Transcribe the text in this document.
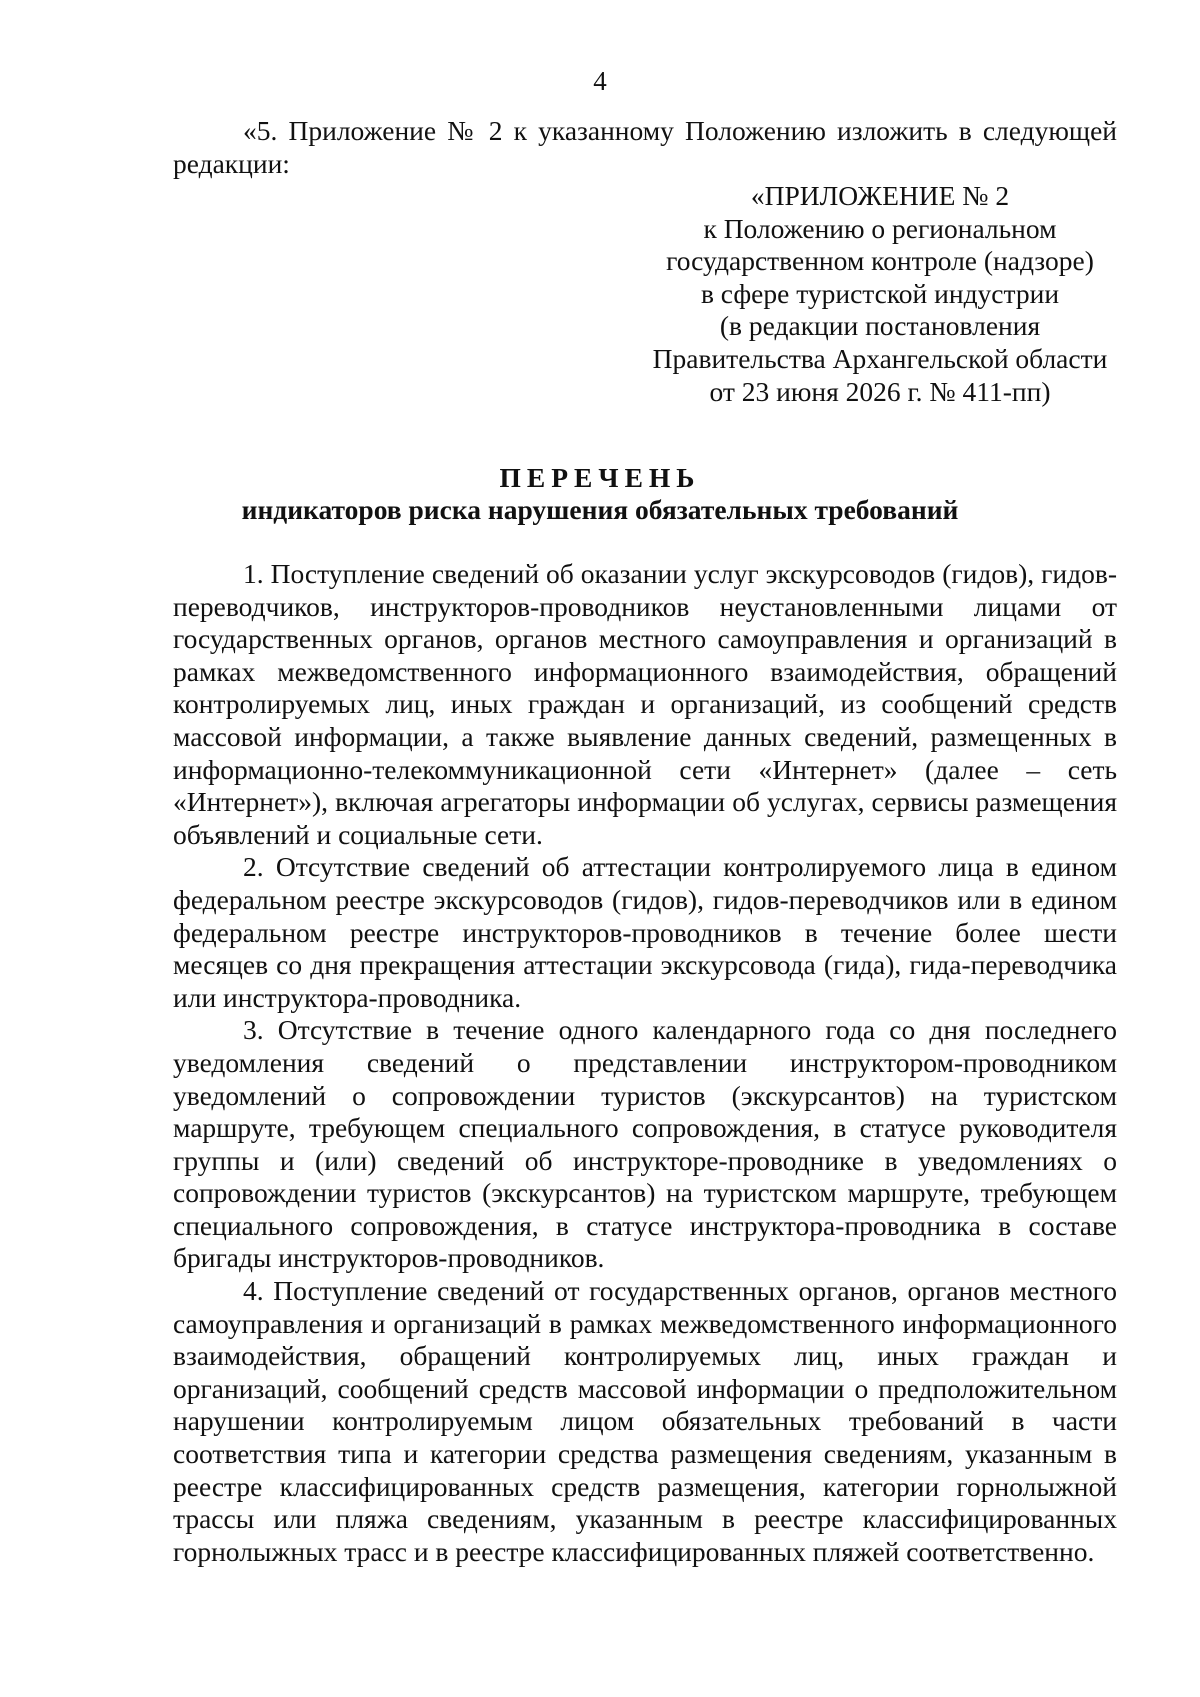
4

«5. Приложение № 2 к указанному Положению изложить в следующей редакции:

«ПРИЛОЖЕНИЕ № 2
к Положению о региональном
государственном контроле (надзоре)
в сфере туристской индустрии
(в редакции постановления
Правительства Архангельской области
от 23 июня 2026 г. № 411-пп)
ПЕРЕЧЕНЬ
индикаторов риска нарушения обязательных требований

1. Поступление сведений об оказании услуг экскурсоводов (гидов), гидов-переводчиков, инструкторов-проводников неустановленными лицами от государственных органов, органов местного самоуправления и организаций в рамках межведомственного информационного взаимодействия, обращений контролируемых лиц, иных граждан и организаций, из сообщений средств массовой информации, а также выявление данных сведений, размещенных в информационно-телекоммуникационной сети «Интернет» (далее – сеть «Интернет»), включая агрегаторы информации об услугах, сервисы размещения объявлений и социальные сети.

2. Отсутствие сведений об аттестации контролируемого лица в едином федеральном реестре экскурсоводов (гидов), гидов-переводчиков или в едином федеральном реестре инструкторов-проводников в течение более шести месяцев со дня прекращения аттестации экскурсовода (гида), гида-переводчика или инструктора-проводника.

3. Отсутствие в течение одного календарного года со дня последнего уведомления сведений о представлении инструктором-проводником уведомлений о сопровождении туристов (экскурсантов) на туристском маршруте, требующем специального сопровождения, в статусе руководителя группы и (или) сведений об инструкторе-проводнике в уведомлениях о сопровождении туристов (экскурсантов) на туристском маршруте, требующем специального сопровождения, в статусе инструктора-проводника в составе бригады инструкторов-проводников.

4. Поступление сведений от государственных органов, органов местного самоуправления и организаций в рамках межведомственного информационного взаимодействия, обращений контролируемых лиц, иных граждан и организаций, сообщений средств массовой информации о предположительном нарушении контролируемым лицом обязательных требований в части соответствия типа и категории средства размещения сведениям, указанным в реестре классифицированных средств размещения, категории горнолыжной трассы или пляжа сведениям, указанным в реестре классифицированных горнолыжных трасс и в реестре классифицированных пляжей соответственно.
